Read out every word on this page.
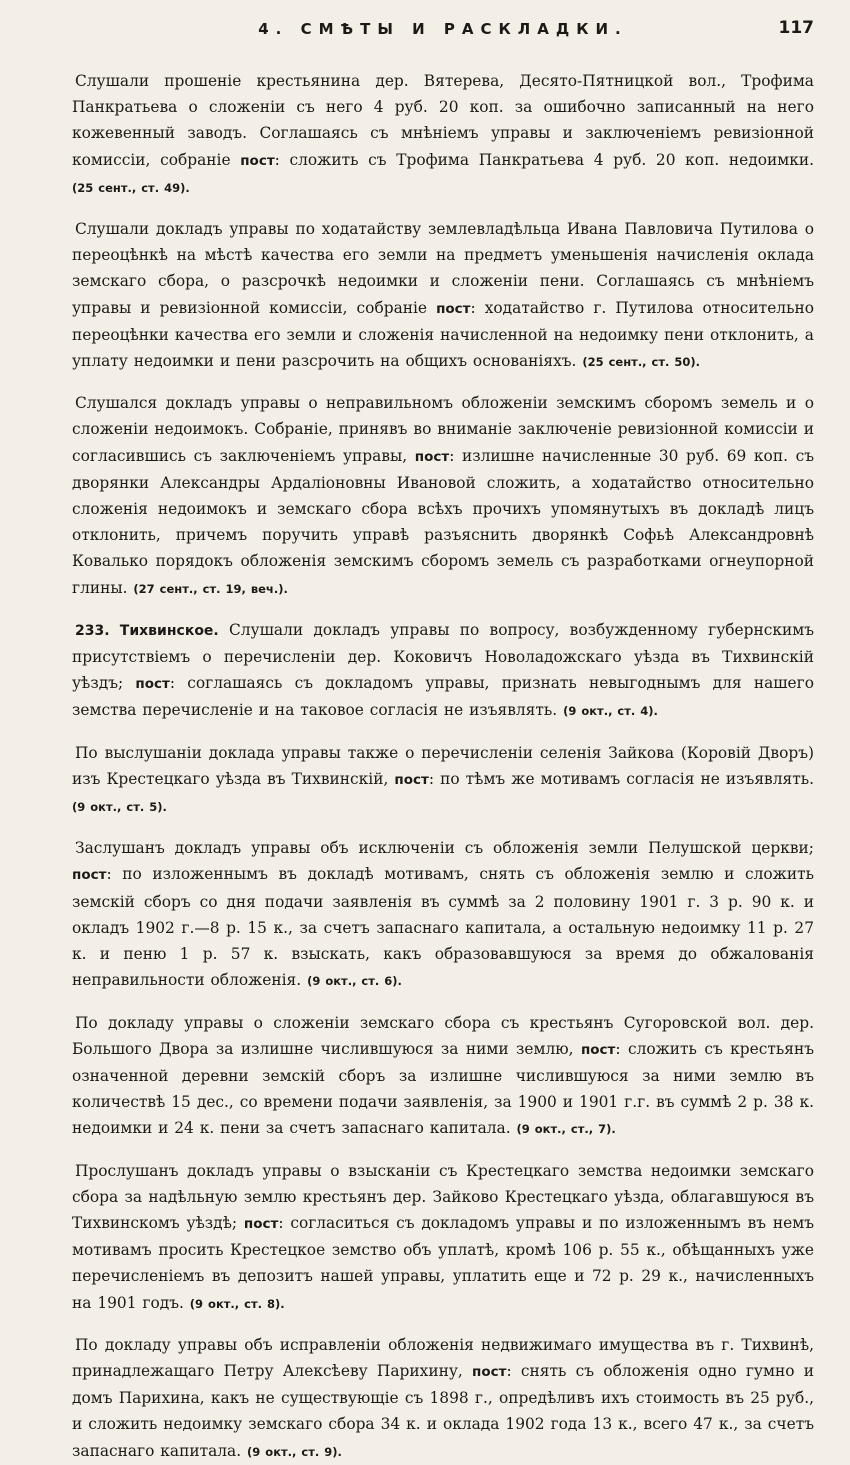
4. СМѢТЫ И РАСКЛАДКИ.	117

Слушали прошеніе крестьянина дер. Вятерева, Десято-Пятницкой вол., Трофима Панкратьева о сложеніи съ него 4 руб. 20 коп. за ошибочно записанный на него кожевенный заводъ. Соглашаясь съ мнѣніемъ управы и заключеніемъ ревизіонной комиссіи, собраніе пост: сложить съ Трофима Панкратьева 4 руб. 20 коп. недоимки. (25 сент., ст. 49).

Слушали докладъ управы по ходатайству землевладѣльца Ивана Павловича Путилова о переоцѣнкѣ на мѣстѣ качества его земли на предметъ уменьшенія начисленія оклада земскаго сбора, о разсрочкѣ недоимки и сложеніи пени. Соглашаясь съ мнѣніемъ управы и ревизіонной комиссіи, собраніе пост: ходатайство г. Путилова относительно переоцѣнки качества его земли и сложенія начисленной на недоимку пени отклонить, а уплату недоимки и пени разсрочить на общихъ основаніяхъ. (25 сент., ст. 50).

Слушался докладъ управы о неправильномъ обложеніи земскимъ сборомъ земель и о сложеніи недоимокъ. Собраніе, принявъ во вниманіе заключеніе ревизіонной комиссіи и согласившись съ заключеніемъ управы, пост: излишне начисленные 30 руб. 69 коп. съ дворянки Александры Ардаліоновны Ивановой сложить, а ходатайство относительно сложенія недоимокъ и земскаго сбора всѣхъ прочихъ упомянутыхъ въ докладѣ лицъ отклонить, причемъ поручить управѣ разъяснить дворянкѣ Софьѣ Александровнѣ Ковалько порядокъ обложенія земскимъ сборомъ земель съ разработками огнеупорной глины. (27 сент., ст. 19, веч.).

233. Тихвинское. Слушали докладъ управы по вопросу, возбужденному губернскимъ присутствіемъ о перечисленіи дер. Коковичъ Новоладожскаго уѣзда въ Тихвинскій уѣздъ; пост: соглашаясь съ докладомъ управы, признать невыгоднымъ для нашего земства перечисленіе и на таковое согласія не изъявлять. (9 окт., ст. 4).

По выслушаніи доклада управы также о перечисленіи селенія Зайкова (Коровій Дворъ) изъ Крестецкаго уѣзда въ Тихвинскій, пост: по тѣмъ же мотивамъ согласія не изъявлять. (9 окт., ст. 5).

Заслушанъ докладъ управы объ исключеніи съ обложенія земли Пелушской церкви; пост: по изложеннымъ въ докладѣ мотивамъ, снять съ обложенія землю и сложить земскій сборъ со дня подачи заявленія въ суммѣ за 2 половину 1901 г. 3 р. 90 к. и окладъ 1902 г.—8 р. 15 к., за счетъ запаснаго капитала, а остальную недоимку 11 р. 27 к. и пеню 1 р. 57 к. взыскать, какъ образовавшуюся за время до обжалованія неправильности обложенія. (9 окт., ст. 6).

По докладу управы о сложеніи земскаго сбора съ крестьянъ Сугоровской вол. дер. Большого Двора за излишне числившуюся за ними землю, пост: сложить съ крестьянъ означенной деревни земскій сборъ за излишне числившуюся за ними землю въ количествѣ 15 дес., со времени подачи заявленія, за 1900 и 1901 г.г. въ суммѣ 2 р. 38 к. недоимки и 24 к. пени за счетъ запаснаго капитала. (9 окт., ст., 7).

Прослушанъ докладъ управы о взысканіи съ Крестецкаго земства недоимки земскаго сбора за надѣльную землю крестьянъ дер. Зайково Крестецкаго уѣзда, облагавшуюся въ Тихвинскомъ уѣздѣ; пост: согласиться съ докладомъ управы и по изложеннымъ въ немъ мотивамъ просить Крестецкое земство объ уплатѣ, кромѣ 106 р. 55 к., обѣщанныхъ уже перечисленіемъ въ депозитъ нашей управы, уплатить еще и 72 р. 29 к., начисленныхъ на 1901 годъ. (9 окт., ст. 8).

По докладу управы объ исправленіи обложенія недвижимаго имущества въ г. Тихвинѣ, принадлежащаго Петру Алексѣеву Парихину, пост: снять съ обложенія одно гумно и домъ Парихина, какъ не существующіе съ 1898 г., опредѣливъ ихъ стоимость въ 25 руб., и сложить недоимку земскаго сбора 34 к. и оклада 1902 года 13 к., всего 47 к., за счетъ запаснаго капитала. (9 окт., ст. 9).
